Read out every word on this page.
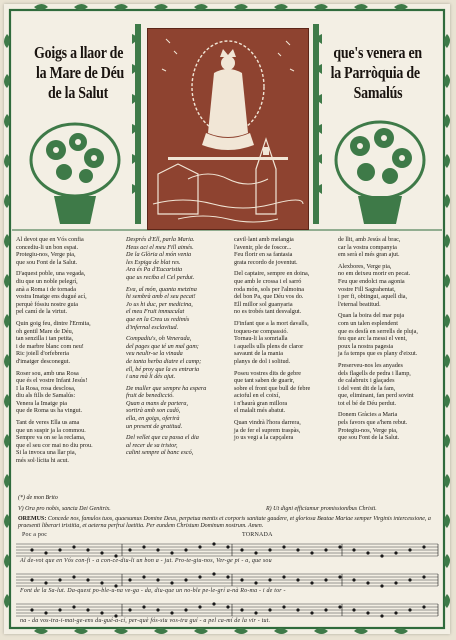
Goigs a llaor de
la Mare de Déu
de la Salut
que's venera en
la Parròquia de
Samalús
Al devot que en Vós confia
concediu-li un bon espai.
Protegiu-nos, Verge pia,
que sou Font de la Salut.
D'aquest poble, una vegada,
diu que un noble pelegrí,
anà a Roma i de tornada
vostra Imatge ens dugué ací,
perquè fóssiu nostre guia
pel camí de la virtut.
Quin goig feu, dintre l'Ermita,
oh gentil Mare de Déu,
tan senzilla i tan petita,
i de marbre blanc com neu!
Ric joiell d'orfebreria
d'imatger desconegut.
Roser sou, amb una Rosa
que és el vostre Infant Jesús!
I la Rosa, rosa desclosa,
diu als fills de Samalús:
Venera la Imatge pia
que de Roma us ha vingut.
Tant de veres Ella us ama
que un suspir ja la commou.
Sempre va on se la reclama,
que el seu cor mai no diu prou.
Si la invoca una llar pia,
més sol·lícita hi acut.
Després d'Ell, parla Maria.
Heus aci el meu Fill aimés.
De la Glòria al món venia
les Espiga de blat res.
Ara és Pa d'Eucaristia
que us reciba el Cel perdut.
Eva, al món, quanta metzina
hi sembrà amb el seu pecat!
Jo us hi duc, per medicina,
el meu Fruit immaculat
que en la Creu us redimís
d'infernal esclavitud.
Compadiu's, oh Venerada,
del pages que té un mal gam;
veu neulir-se la vinada
de tanta herba diatre el camp;
ell, bé proy que la es entraria
i una mà li dés ajut.
De muller que sempre ha espera
fruit de benedicció.
Quan a mans de partera,
sortirà amb son cadó,
ella, en goigs, oferirà
un present de gratitud.
Del vellet que ca passa el dia
al recer de sa tristor,
calint sempre al banc escó,
cavil·lant amb melangia
l'avenir, ple de foscor...
Feu florir en sa fantasia
grata recordo de joventut.
Del captaire, sempre en doina,
que amb le crossa i el sarró
roda món, sols per l'almoina
del bon Pa, que Déu vos do.
Ell millor sol guanyaria
no es trobés tant desvalgut.
D'infant que a la mort davalls,
toqueu-ne compassió.
Tornau-li la somrialla
i aquells ulls plens de claror
savaunt de la mania
planys de dol i solitud.
Poseu vostres dits de gebre
que tant saben de guarir,
sobre el front que bull de febre
acioful en el coixí,
i n'haurà gran millora
el malalt més abatut.
Quan vindrà l'hora darrera,
ja de fer el suprem traspàs,
jo us vegi a la capçalera
de llit, amb Jesús al brac,
car la vostra companyia
em serà el més gran ajut.
Alexbores, Verge pia,
no em deixeu morir en pecat.
Feu que endolci ma agonia
vostre Fill Sagrahentat,
i per fi, obtingui, aquell dia,
l'eternal beatitud.
Quan la boira del mar puja
com un talen esplendent
que es desfà en serrells de pluja,
feu que arc la messi el vent,
poux la nostra pagesia
ja fa temps que es plany d'eixut.
Preserveu-nos les anyades
dels flagells de pedra i llamp,
de calabruix i glaçades
i del vent dit de la fam,
que, eliminant, fan perd sovint
tot el bé de Déu perdut.
Donem Gràcies a Maria
pels favors que a'hem rebut.
Protegiu-nos, Verge pia,
que sou Font de la Salut.
(*) de mon Brito
V) Ora pro nobis, sancta Dei Genitrix.	R) Ut digni efficiamur promissionibus Christi.
OREMUS: Concede nos, famulos tuos, quaesumus Domine Deus, perpetua mentis et corporis sanitate gaudere, et gloriosa Beatae Mariae semper Virginis intercessione, a praesenti liberari tristitia, et aeterna perfrui laetitia. Per eundem Christum Dominum nostrum. Amen.
Poc a poc	TORNADA
Al de-vot que en Vós con-fi - a con-ce-diu-li un bon a - jut. Pro-te-giu-nos, Ver-ge pi - a, que sou
Font de la Sa-lut. Da-quest po-ble-u-na ve-ga - da, diu-que un no-ble pe-le-grí a-nà Ro-ma - i de tor -
na - da vos-tra-i-mat-ge-ens du-gué-a-cí, per-què fós-siu vos-tra guí - a pel ca-mí de la vir - tut.
